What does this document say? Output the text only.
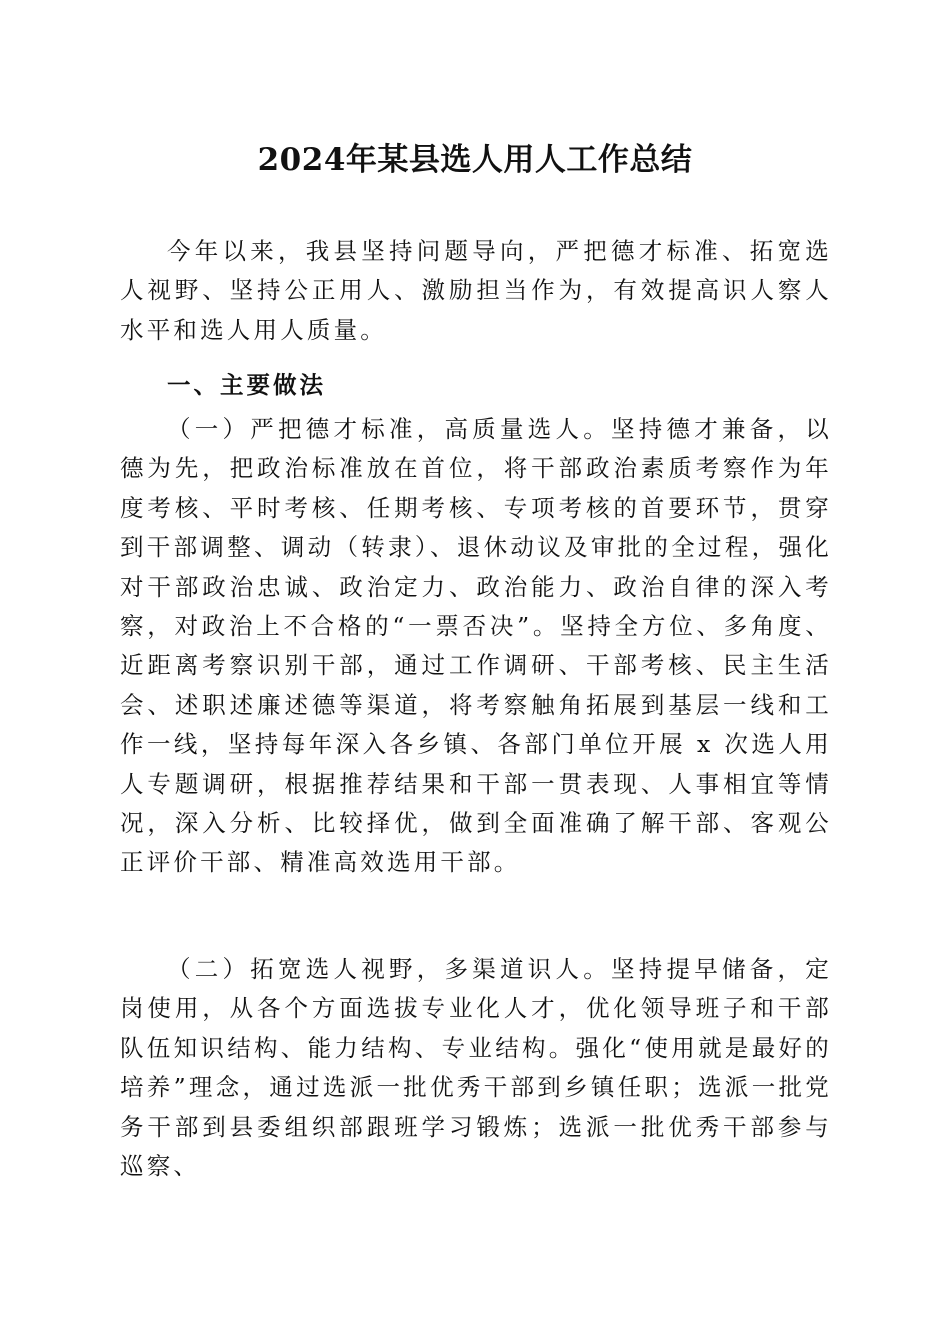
2024年某县选人用人工作总结

今年以来，我县坚持问题导向，严把德才标准、拓宽选人视野、坚持公正用人、激励担当作为，有效提高识人察人水平和选人用人质量。

一、主要做法

（一）严把德才标准，高质量选人。坚持德才兼备，以德为先，把政治标准放在首位，将干部政治素质考察作为年度考核、平时考核、任期考核、专项考核的首要环节，贯穿到干部调整、调动（转隶）、退休动议及审批的全过程，强化对干部政治忠诚、政治定力、政治能力、政治自律的深入考察，对政治上不合格的“一票否决”。坚持全方位、多角度、近距离考察识别干部，通过工作调研、干部考核、民主生活会、述职述廉述德等渠道，将考察触角拓展到基层一线和工作一线，坚持每年深入各乡镇、各部门单位开展 x 次选人用人专题调研，根据推荐结果和干部一贯表现、人事相宜等情况，深入分析、比较择优，做到全面准确了解干部、客观公正评价干部、精准高效选用干部。

（二）拓宽选人视野，多渠道识人。坚持提早储备，定岗使用，从各个方面选拔专业化人才，优化领导班子和干部队伍知识结构、能力结构、专业结构。强化“使用就是最好的培养”理念，通过选派一批优秀干部到乡镇任职；选派一批党务干部到县委组织部跟班学习锻炼；选派一批优秀干部参与巡察、
